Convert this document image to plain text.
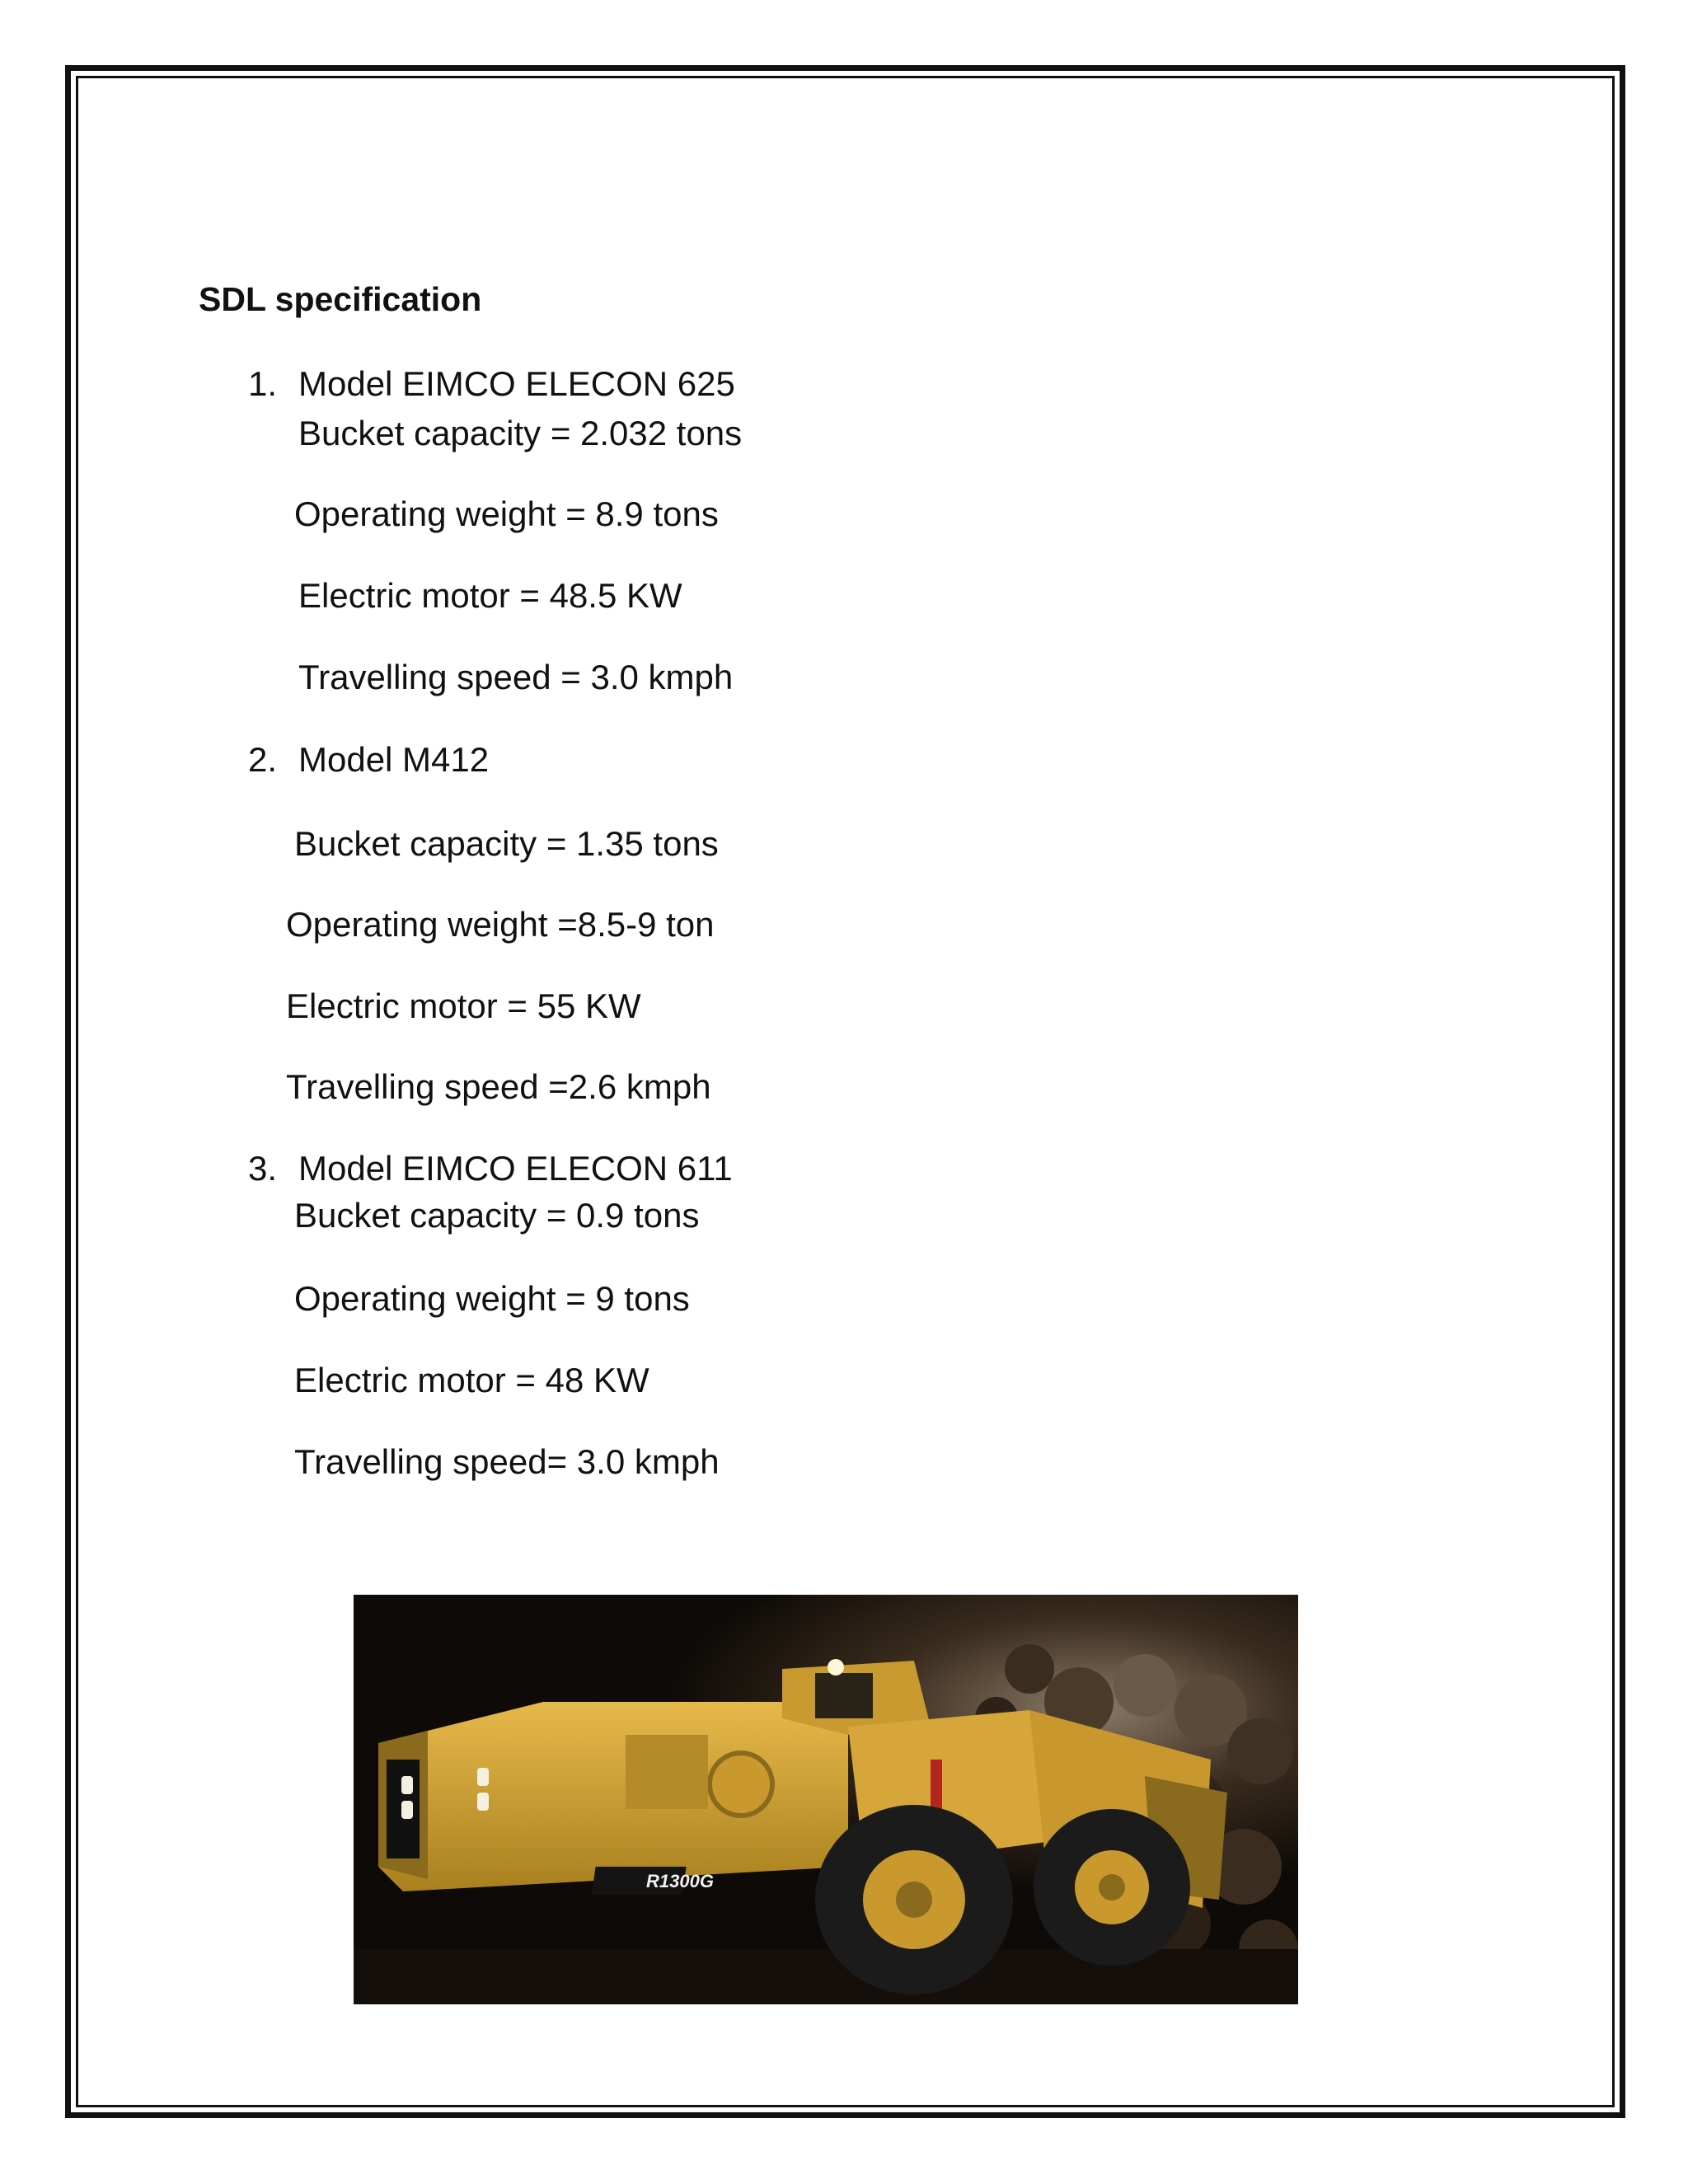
SDL specification
1. Model EIMCO ELECON 625
Bucket capacity = 2.032 tons
Operating weight = 8.9 tons
Electric motor = 48.5 KW
Travelling speed = 3.0 kmph
2. Model M412
Bucket capacity = 1.35 tons
Operating weight =8.5-9 ton
Electric motor = 55 KW
Travelling speed =2.6 kmph
3. Model EIMCO ELECON 611
Bucket capacity = 0.9 tons
Operating weight = 9 tons
Electric motor = 48 KW
Travelling speed= 3.0 kmph
R1300G
